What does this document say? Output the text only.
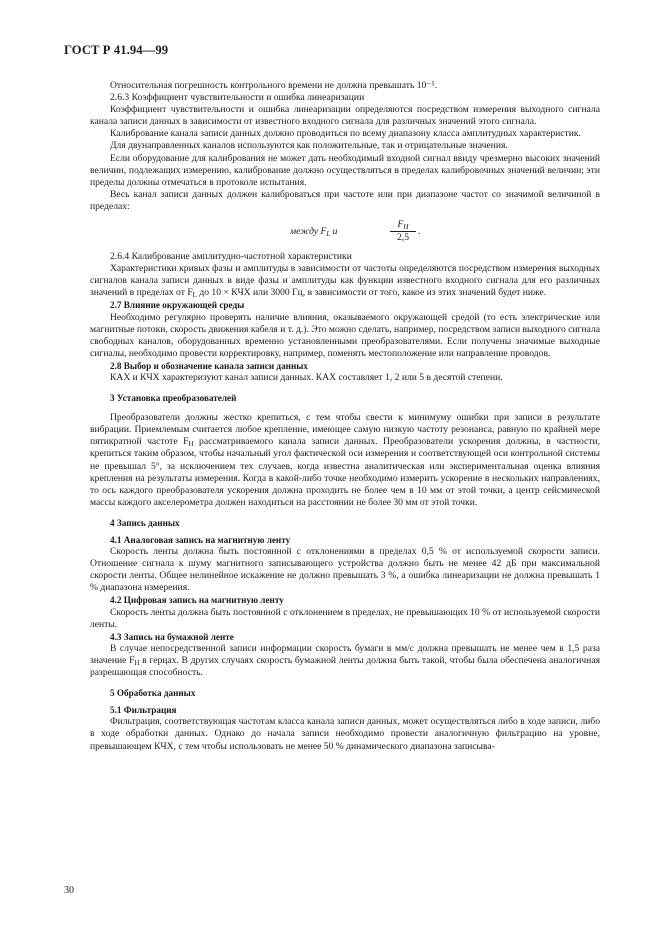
ГОСТ Р 41.94—99

Относительная погрешность контрольного времени не должна превышать 10⁻⁵.

2.6.3 Коэффициент чувствительности и ошибка линеаризации

Коэффициент чувствительности и ошибка линеаризации определяются посредством измерения выходного сигнала канала записи данных в зависимости от известного входного сигнала для различных значений этого сигнала.

Калибрование канала записи данных должно проводиться по всему диапазону класса амплитудных характеристик.

Для двунаправленных каналов используются как положительные, так и отрицательные значения.

Если оборудование для калибрования не может дать необходимый входной сигнал ввиду чрезмерно высоких значений величин, подлежащих измерению, калибрование должно осуществляться в пределах калибровочных значений величин; эти пределы должны отмечаться в протоколе испытания.

Весь канал записи данных должен калиброваться при частоте или при диапазоне частот со значимой величиной в пределах:

между $F_L$ и	$\frac{F_H}{2,5}$ .

2.6.4 Калибрование амплитудно-частотной характеристики

Характеристики кривых фазы и амплитуды в зависимости от частоты определяются посредством измерения выходных сигналов канала записи данных в виде фазы и амплитуды как функции известного входного сигнала для его различных значений в пределах от $F_L$ до 10 × КЧХ или 3000 Гц, в зависимости от того, какое из этих значений будет ниже.

2.7 Влияние окружающей среды

Необходимо регулярно проверять наличие влияния, оказываемого окружающей средой (то есть электрические или магнитные потоки, скорость движения кабеля и т. д.). Это можно сделать, например, посредством записи выходного сигнала свободных каналов, оборудованных временно установленными преобразователями. Если получены значимые выходные сигналы, необходимо провести корректировку, например, поменять местоположение или направление проводов.

2.8 Выбор и обозначение канала записи данных

КАХ и КЧХ характеризуют канал записи данных. КАХ составляет 1, 2 или 5 в десятой степени.

3 Установка преобразователей

Преобразователи должны жестко крепиться, с тем чтобы свести к минимуму ошибки при записи в результате вибрации. Приемлемым считается любое крепление, имеющее самую низкую частоту резонанса, равную по крайней мере пятикратной частоте $F_H$ рассматриваемого канала записи данных. Преобразователи ускорения должны, в частности, крепиться таким образом, чтобы начальный угол фактической оси измерения и соответствующей оси контрольной системы не превышал 5°, за исключением тех случаев, когда известна аналитическая или экспериментальная оценка влияния крепления на результаты измерения. Когда в какой-либо точке необходимо измерить ускорение в нескольких направлениях, то ось каждого преобразователя ускорения должна проходить не более чем в 10 мм от этой точки, а центр сейсмической массы каждого акселерометра должен находиться на расстоянии не более 30 мм от этой точки.

4 Запись данных

4.1 Аналоговая запись на магнитную ленту

Скорость ленты должна быть постоянной с отклонениями в пределах 0,5 % от используемой скорости записи. Отношение сигнала к шуму магнитного записывающего устройства должно быть не менее 42 дБ при максимальной скорости ленты. Общее нелинейное искажение не должно превышать 3 %, а ошибка линеаризации не должна превышать 1 % диапазона измерения.

4.2 Цифровая запись на магнитную ленту

Скорость ленты должна быть постоянной с отклонением в пределах, не превышающих 10 % от используемой скорости ленты.

4.3 Запись на бумажной ленте

В случае непосредственной записи информации скорость бумаги в мм/с должна превышать не менее чем в 1,5 раза значение $F_H$ в герцах. В других случаях скорость бумажной ленты должна быть такой, чтобы была обеспечена аналогичная разрешающая способность.

5 Обработка данных

5.1 Фильтрация

Фильтрация, соответствующая частотам класса канала записи данных, может осуществляться либо в ходе записи, либо в ходе обработки данных. Однако до начала записи необходимо провести аналогичную фильтрацию на уровне, превышающем КЧХ, с тем чтобы использовать не менее 50 % динамического диапазона записыва-

30
